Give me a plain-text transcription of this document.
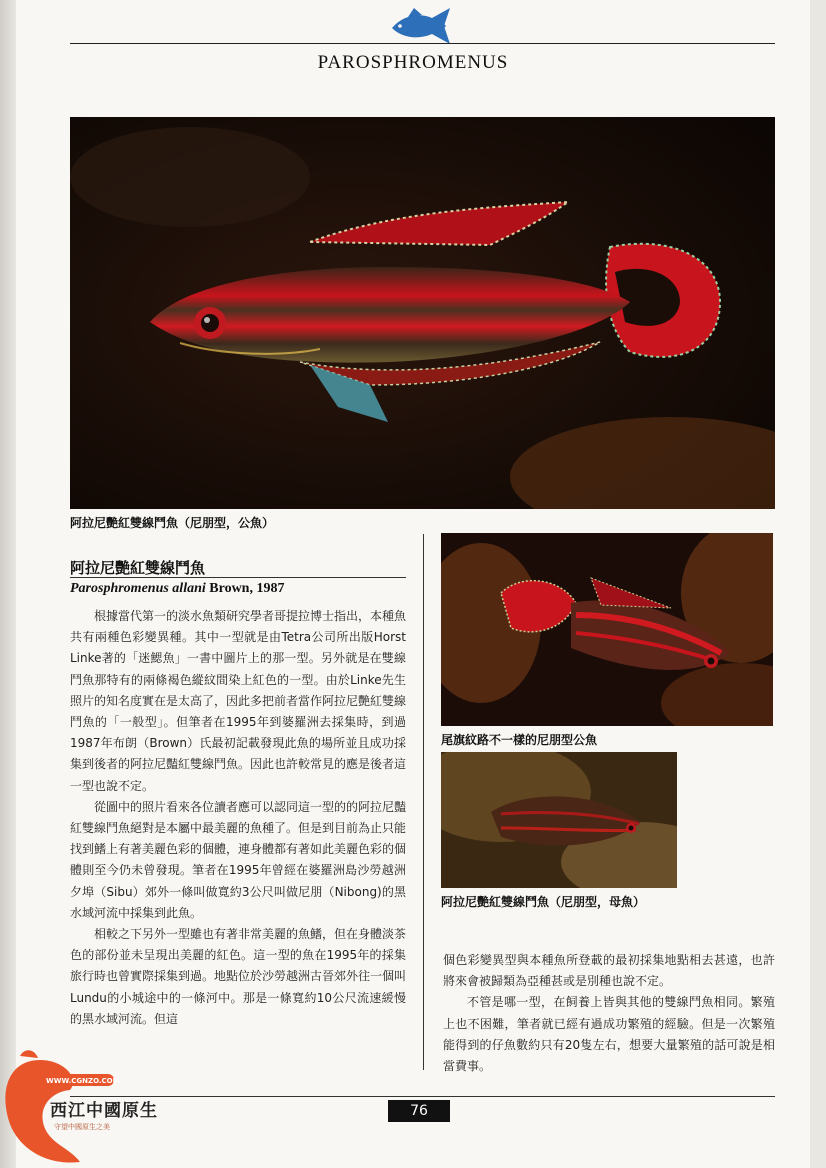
PAROSPHROMENUS
阿拉尼艷紅雙線鬥魚（尼朋型，公魚）
阿拉尼艷紅雙線鬥魚
Parosphromenus allani Brown, 1987

根據當代第一的淡水魚類研究學者哥提拉博士指出，本種魚共有兩種色彩變異種。其中一型就是由Tetra公司所出版Horst Linke著的「迷鰓魚」一書中圖片上的那一型。另外就是在雙線鬥魚那特有的兩條褐色縱紋間染上紅色的一型。由於Linke先生照片的知名度實在是太高了，因此多把前者當作阿拉尼艷紅雙線鬥魚的「一般型」。但筆者在1995年到婆羅洲去採集時，到過1987年布朗（Brown）氏最初記載發現此魚的場所並且成功採集到後者的阿拉尼豔紅雙線鬥魚。因此也許較常見的應是後者這一型也說不定。

從圖中的照片看來各位讀者應可以認同這一型的的阿拉尼豔紅雙線鬥魚絕對是本屬中最美麗的魚種了。但是到目前為止只能找到鰭上有著美麗色彩的個體，連身體都有著如此美麗色彩的個體則至今仍未曾發現。筆者在1995年曾經在婆羅洲島沙勞越洲夕埠（Sibu）郊外一條叫做寬約3公尺叫做尼朋（Nibong)的黑水域河流中採集到此魚。

相較之下另外一型雖也有著非常美麗的魚鰭，但在身體淡茶色的部份並未呈現出美麗的紅色。這一型的魚在1995年的採集旅行時也曾實際採集到過。地點位於沙勞越洲古晉郊外往一個叫Lundu的小城途中的一條河中。那是一條寬約10公尺流速緩慢的黑水域河流。但這

尾旗紋路不一樣的尼朋型公魚
阿拉尼艷紅雙線鬥魚（尼朋型，母魚）

個色彩變異型與本種魚所登載的最初採集地點相去甚遠，也許將來會被歸類為亞種甚或是別種也說不定。

不管是哪一型，在飼養上皆與其他的雙線鬥魚相同。繁殖上也不困難，筆者就已經有過成功繁殖的經驗。但是一次繁殖能得到的仔魚數約只有20隻左右，想要大量繁殖的話可說是相當費事。

76
WWW.CGNZO.COM
西江中國原生
守望中國原生之美
